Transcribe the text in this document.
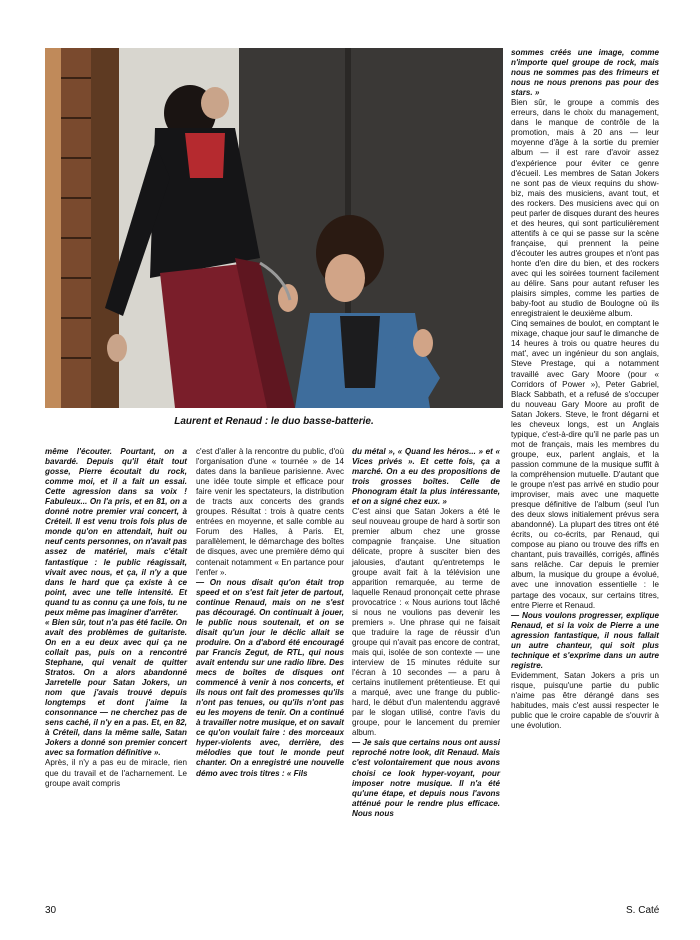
Laurent et Renaud : le duo basse-batterie.

même l'écouter. Pourtant, on a bavardé. Depuis qu'il était tout gosse, Pierre écoutait du rock, comme moi, et il a fait un essai. Cette agression dans sa voix ! Fabuleux... On l'a pris, et en 81, on a donné notre premier vrai concert, à Créteil. Il est venu trois fois plus de monde qu'on en attendait, huit ou neuf cents personnes, on n'avait pas assez de matériel, mais c'était fantastique : le public réagissait, vivait avec nous, et ça, il n'y a que dans le hard que ça existe à ce point, avec une telle intensité. Et quand tu as connu ça une fois, tu ne peux même pas imaginer d'arrêter.

« Bien sûr, tout n'a pas été facile. On avait des problèmes de guitariste. On en a eu deux avec qui ça ne collait pas, puis on a rencontré Stephane, qui venait de quitter Stratos. On a alors abandonné Jarretelle pour Satan Jokers, un nom que j'avais trouvé depuis longtemps et dont j'aime la consonnance — ne cherchez pas de sens caché, il n'y en a pas. Et, en 82, à Créteil, dans la même salle, Satan Jokers a donné son premier concert avec sa formation définitive ».

Après, il n'y a pas eu de miracle, rien que du travail et de l'acharnement. Le groupe avait compris

c'est d'aller à la rencontre du public, d'où l'organisation d'une « tournée » de 14 dates dans la banlieue parisienne. Avec une idée toute simple et efficace pour faire venir les spectateurs, la distribution de tracts aux concerts des grands groupes. Résultat : trois à quatre cents entrées en moyenne, et salle comble au Forum des Halles, à Paris. Et, parallèlement, le démarchage des boîtes de disques, avec une première démo qui contenait notamment « En partance pour l'enfer ».

— On nous disait qu'on était trop speed et on s'est fait jeter de partout, continue Renaud, mais on ne s'est pas découragé. On continuait à jouer, le public nous soutenait, et on se disait qu'un jour le déclic allait se produire. On a d'abord été encouragé par Francis Zegut, de RTL, qui nous avait entendu sur une radio libre. Des mecs de boîtes de disques ont commencé à venir à nos concerts, et ils nous ont fait des promesses qu'ils n'ont pas tenues, ou qu'ils n'ont pas eu les moyens de tenir. On a continué à travailler notre musique, et on savait ce qu'on voulait faire : des morceaux hyper-violents avec, derrière, des mélodies que tout le monde peut chanter. On a enregistré une nouvelle démo avec trois titres : « Fils

du métal », « Quand les héros... » et « Vices privés ». Et cette fois, ça a marché. On a eu des propositions de trois grosses boîtes. Celle de Phonogram était la plus intéressante, et on a signé chez eux. »

C'est ainsi que Satan Jokers a été le seul nouveau groupe de hard à sortir son premier album chez une grosse compagnie française. Une situation délicate, propre à susciter bien des jalousies, d'autant qu'entretemps le groupe avait fait à la télévision une apparition remarquée, au terme de laquelle Renaud prononçait cette phrase provocatrice : « Nous aurions tout lâché si nous ne voulions pas devenir les premiers ». Une phrase qui ne faisait que traduire la rage de réussir d'un groupe qui n'avait pas encore de contrat, mais qui, isolée de son contexte — une interview de 15 minutes réduite sur l'écran à 10 secondes — a paru à certains inutilement prétentieuse. Et qui a marqué, avec une frange du public-hard, le début d'un malentendu aggravé par le slogan utilisé, contre l'avis du groupe, pour le lancement du premier album.

— Je sais que certains nous ont aussi reproché notre look, dit Renaud. Mais c'est volontairement que nous avons choisi ce look hyper-voyant, pour imposer notre musique. Il n'a été qu'une étape, et depuis nous l'avons atténué pour le rendre plus efficace. Nous nous

sommes créés une image, comme n'importe quel groupe de rock, mais nous ne sommes pas des frimeurs et nous ne nous prenons pas pour des stars. »

Bien sûr, le groupe a commis des erreurs, dans le choix du management, dans le manque de contrôle de la promotion, mais à 20 ans — leur moyenne d'âge à la sortie du premier album — il est rare d'avoir assez d'expérience pour éviter ce genre d'écueil. Les membres de Satan Jokers ne sont pas de vieux requins du show-biz, mais des musiciens, avant tout, et des rockers. Des musiciens avec qui on peut parler de disques durant des heures et des heures, qui sont particulièrement attentifs à ce qui se passe sur la scène française, qui prennent la peine d'écouter les autres groupes et n'ont pas honte d'en dire du bien, et des rockers avec qui les soirées tournent facilement au délire. Sans pour autant refuser les plaisirs simples, comme les parties de baby-foot au studio de Boulogne où ils enregistraient le deuxième album.

Cinq semaines de boulot, en comptant le mixage, chaque jour sauf le dimanche de 14 heures à trois ou quatre heures du mat', avec un ingénieur du son anglais, Steve Prestage, qui a notamment travaillé avec Gary Moore (pour « Corridors of Power »), Peter Gabriel, Black Sabbath, et a refusé de s'occuper du nouveau Gary Moore au profit de Satan Jokers. Steve, le front dégarni et les cheveux longs, est un Anglais typique, c'est-à-dire qu'il ne parle pas un mot de français, mais les membres du groupe, eux, parlent anglais, et la passion commune de la musique suffit à la compréhension mutuelle. D'autant que le groupe n'est pas arrivé en studio pour improviser, mais avec une maquette presque définitive de l'album (seul l'un des deux slows initialement prévus sera abandonné). La plupart des titres ont été écrits, ou co-écrits, par Renaud, qui compose au piano ou trouve des riffs en chantant, puis travaillés, corrigés, affinés sans relâche. Car depuis le premier album, la musique du groupe a évolué, avec une innovation essentielle : le partage des vocaux, sur certains titres, entre Pierre et Renaud.

— Nous voulons progresser, explique Renaud, et si la voix de Pierre a une agression fantastique, il nous fallait un autre chanteur, qui soit plus technique et s'exprime dans un autre registre.

Evidemment, Satan Jokers a pris un risque, puisqu'une partie du public n'aime pas être dérangé dans ses habitudes, mais c'est aussi respecter le public que le croire capable de s'ouvrir à une évolution.

30	S. Caté
